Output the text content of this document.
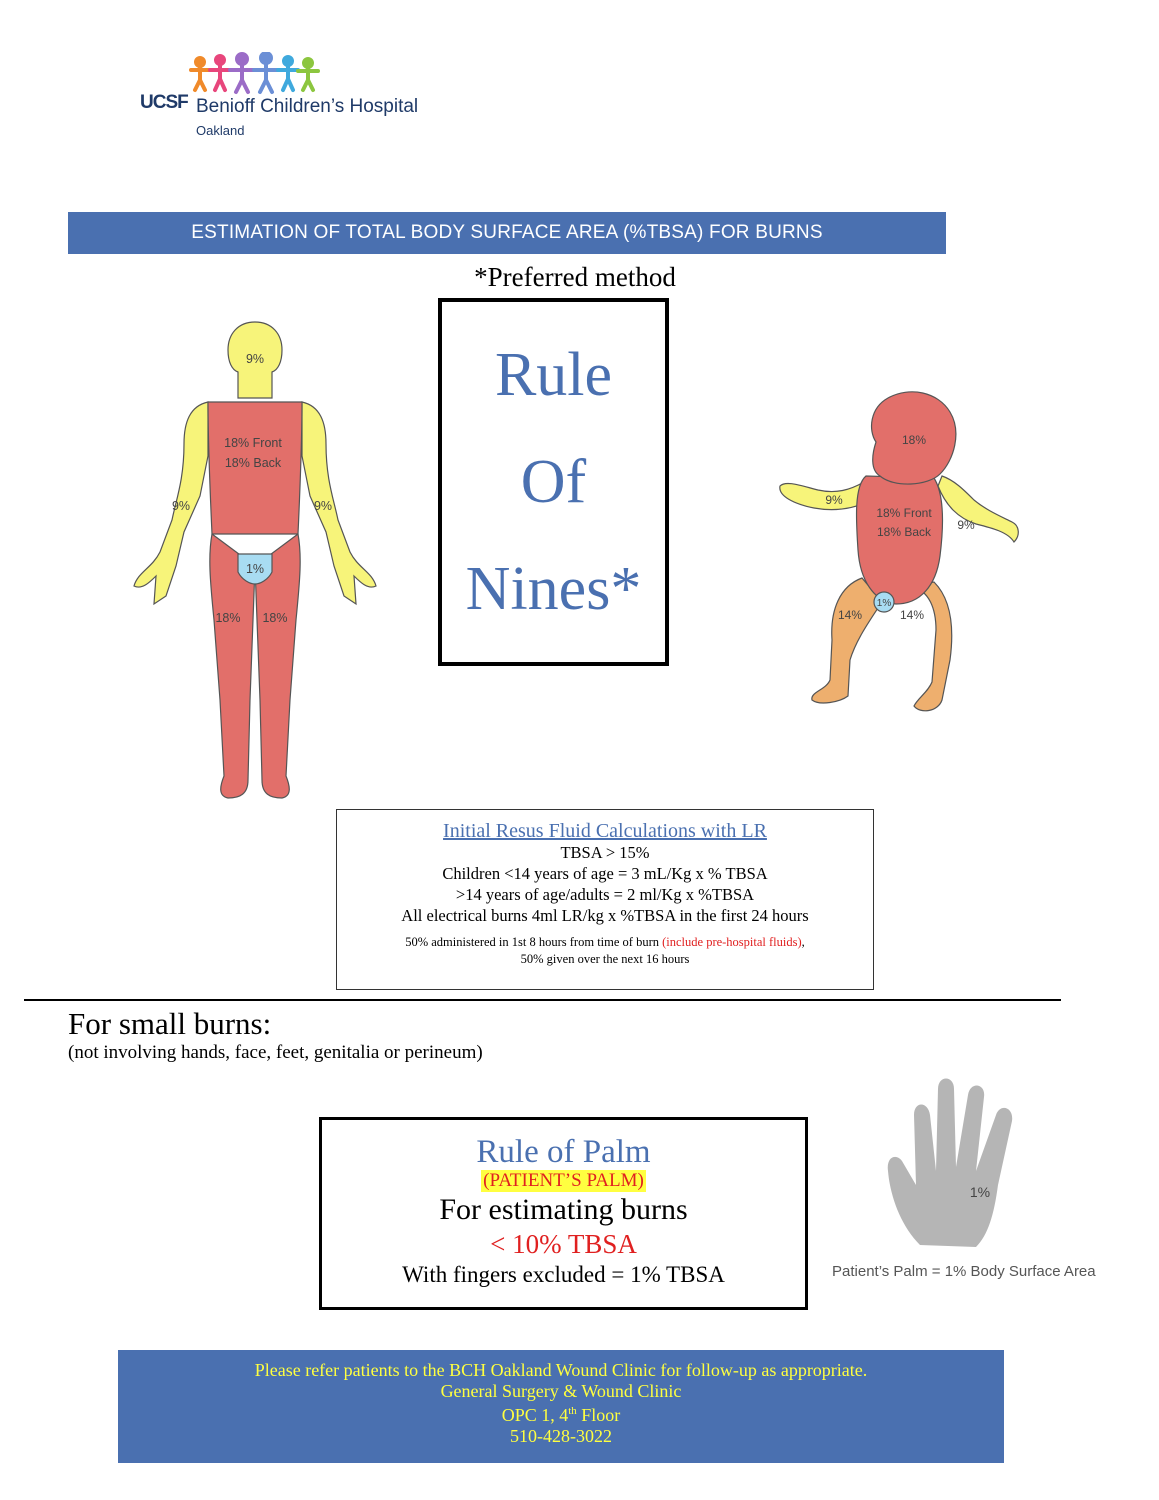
UCSF Benioff Children’s Hospital
Oakland
ESTIMATION OF TOTAL BODY SURFACE AREA (%TBSA) FOR BURNS
*Preferred method
Rule
Of
Nines*
9%
18% Front
18% Back
9%	9%
1%
18% 18%
18%
9%
9%
18% Front
18% Back
1%
14%	14%
Initial Resus Fluid Calculations with LR
TBSA > 15%
Children <14 years of age = 3 mL/Kg x % TBSA
>14 years of age/adults = 2 ml/Kg x %TBSA
All electrical burns 4ml LR/kg x %TBSA in the first 24 hours
50% administered in 1st 8 hours from time of burn (include pre-hospital fluids),
50% given over the next 16 hours
For small burns:
(not involving hands, face, feet, genitalia or perineum)
Rule of Palm
(PATIENT’S PALM)
For estimating burns
< 10% TBSA
With fingers excluded = 1% TBSA
1%
Patient’s Palm = 1% Body Surface Area
Please refer patients to the BCH Oakland Wound Clinic for follow-up as appropriate.
General Surgery & Wound Clinic
OPC 1, 4th Floor
510-428-3022
